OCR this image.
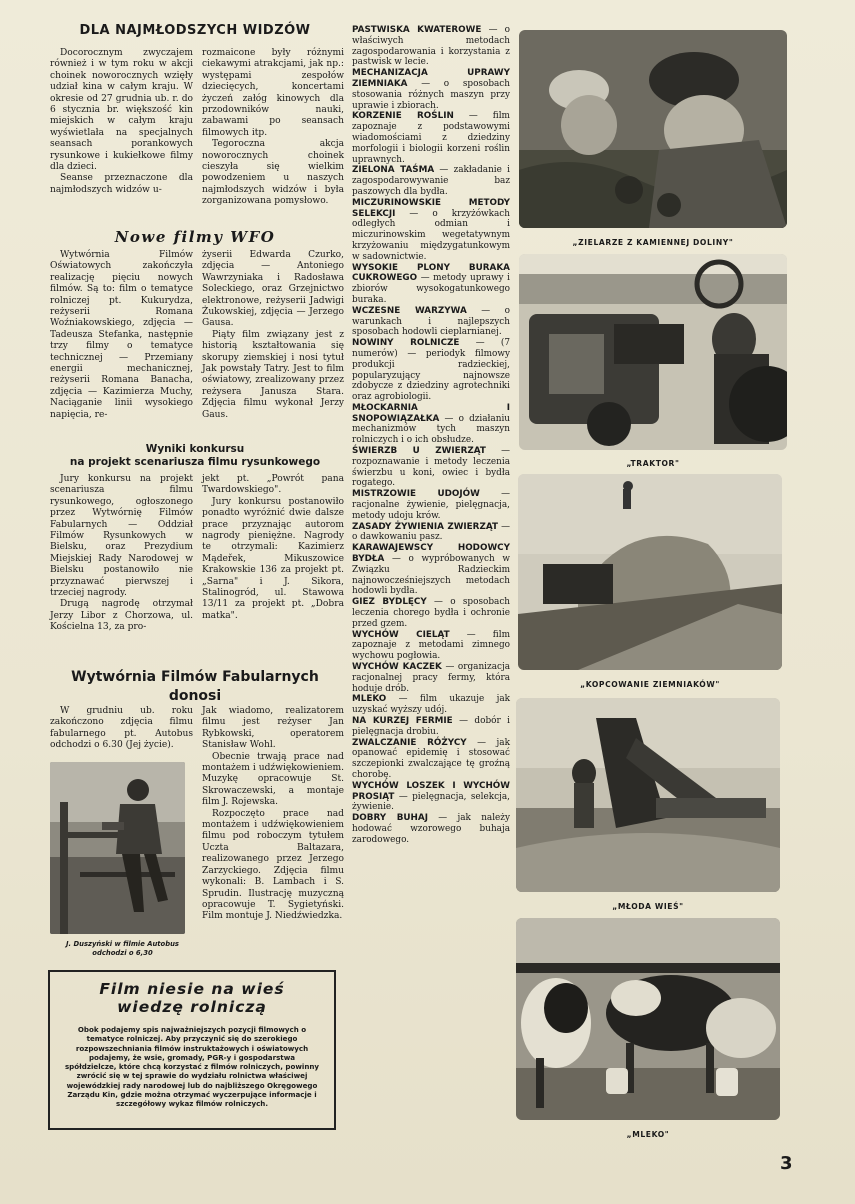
DLA NAJMŁODSZYCH WIDZÓW

Docorocznym zwyczajem również i w tym roku w akcji choinek noworocznych wzięły udział kina w całym kraju. W okresie od 27 grudnia ub. r. do 6 stycznia br. większość kin miejskich w całym kraju wyświetlała na specjalnych seansach porankowych rysunkowe i kukiełkowe filmy dla dzieci.

Seanse przeznaczone dla najmłodszych widzów u-

rozmaicone były różnymi ciekawymi atrakcjami, jak np.: występami zespołów dziecięcych, koncertami życzeń załóg kinowych dla przodowników nauki, zabawami po seansach filmowych itp.

Tegoroczna akcja noworocznych choinek cieszyła się wielkim powodzeniem u naszych najmłodszych widzów i była zorganizowana pomysłowo.

Nowe filmy WFO

Wytwórnia Filmów Oświatowych zakończyła realizację pięciu nowych filmów. Są to: film o tematyce rolniczej pt. Kukurydza, reżyserii Romana Woźniakowskiego, zdjęcia — Tadeusza Stefanka, następnie trzy filmy o tematyce technicznej — Przemiany energii mechanicznej, reżyserii Romana Banacha, zdjęcia — Kazimierza Muchy, Naciąganie linii wysokiego napięcia, re-

żyserii Edwarda Czurko, zdjęcia — Antoniego Wawrzyniaka i Radosława Soleckiego, oraz Grzejnictwo elektronowe, reżyserii Jadwigi Żukowskiej, zdjęcia — Jerzego Gausa.

Piąty film związany jest z historią kształtowania się skorupy ziemskiej i nosi tytuł Jak powstały Tatry. Jest to film oświatowy, zrealizowany przez reżysera Janusza Stara. Zdjęcia filmu wykonał Jerzy Gaus.

Wyniki konkursu
na projekt scenariusza filmu rysunkowego

Jury konkursu na projekt scenariusza filmu rysunkowego, ogłoszonego przez Wytwórnię Filmów Fabularnych — Oddział Filmów Rysunkowych w Bielsku, oraz Prezydium Miejskiej Rady Narodowej w Bielsku postanowiło nie przyznawać pierwszej i trzeciej nagrody.

Drugą nagrodę otrzymał Jerzy Libor z Chorzowa, ul. Kościelna 13, za pro-

jekt pt. „Powrót pana Twardowskiego".

Jury konkursu postanowiło ponadto wyróżnić dwie dalsze prace przyznając autorom nagrody pieniężne. Nagrody te otrzymali: Kazimierz Mądeřek, Mikuszowice Krakowskie 136 za projekt pt. „Sarna" i J. Sikora, Stalinogród, ul. Stawowa 13/11 za projekt pt. „Dobra matka".

Wytwórnia Filmów Fabularnych donosi

W grudniu ub. roku zakończono zdjęcia filmu fabularnego pt. Autobus odchodzi o 6.30 (Jej życie).

J. Duszyński w filmie Autobus odchodzi o 6,30

Jak wiadomo, realizatorem filmu jest reżyser Jan Rybkowski, operatorem Stanisław Wohl.

Obecnie trwają prace nad montażem i udźwiękowieniem. Muzykę opracowuje St. Skrowaczewski, a montaje film J. Rojewska.

Rozpoczęto prace nad montażem i udźwiękowieniem filmu pod roboczym tytułem Uczta Baltazara, realizowanego przez Jerzego Zarzyckiego. Zdjęcia filmu wykonali: B. Lambach i S. Sprudin. Ilustrację muzyczną opracowuje T. Sygietyński. Film montuje J. Niedźwiedzka.

Film niesie na wieś
wiedzę rolniczą
Obok podajemy spis najważniejszych pozycji filmowych o tematyce rolniczej. Aby przyczynić się do szerokiego rozpowszechniania filmów instruktażowych i oświatowych podajemy, że wsie, gromady, PGR-y i gospodarstwa spółdzielcze, które chcą korzystać z filmów rolniczych, powinny zwrócić się w tej sprawie do wydziału rolnictwa właściwej wojewódzkiej rady narodowej lub do najbliższego Okręgowego Zarządu Kin, gdzie można otrzymać wyczerpujące informacje i szczegółowy wykaz filmów rolniczych.

PASTWISKA KWATEROWE — o właściwych metodach zagospodarowania i korzystania z pastwisk w lecie.

MECHANIZACJA UPRAWY ZIEMNIAKA — o sposobach stosowania różnych maszyn przy uprawie i zbiorach.

KORZENIE ROŚLIN — film zapoznaje z podstawowymi wiadomościami z dziedziny morfologii i biologii korzeni roślin uprawnych.

ZIELONA TAŚMA — zakładanie i zagospodarowywanie baz paszowych dla bydła.

MICZURINOWSKIE METODY SELEKCJI — o krzyżówkach odległych odmian i miczurinowskim wegetatywnym krzyżowaniu międzygatunkowym w sadownictwie.

WYSOKIE PLONY BURAKA CUKROWEGO — metody uprawy i zbiorów wysokogatunkowego buraka.

WCZESNE WARZYWA — o warunkach i najlepszych sposobach hodowli cieplarnianej.

NOWINY ROLNICZE — (7 numerów) — periodyk filmowy produkcji radzieckiej, popularyzujący najnowsze zdobycze z dziedziny agrotechniki oraz agrobiologii.

MŁOCKARNIA I SNOPOWIĄZAŁKA — o działaniu mechanizmów tych maszyn rolniczych i o ich obsłudze.

ŚWIERZB U ZWIERZĄT — rozpoznawanie i metody leczenia świerzbu u koni, owiec i bydła rogatego.

MISTRZOWIE UDOJÓW — racjonalne żywienie, pielęgnacja, metody udoju krów.

ZASADY ŻYWIENIA ZWIERZĄT — o dawkowaniu pasz.

KARAWAJEWSCY HODOWCY BYDŁA — o wypróbowanych w Związku Radzieckim najnowocześniejszych metodach hodowli bydła.

GIEZ BYDLĘCY — o sposobach leczenia chorego bydła i ochronie przed gzem.

WYCHÓW CIELĄT — film zapoznaje z metodami zimnego wychowu pogłowia.

WYCHÓW KACZEK — organizacja racjonalnej pracy fermy, która hoduje drób.

MLEKO — film ukazuje jak uzyskać wyższy udój.

NA KURZEJ FERMIE — dobór i pielęgnacja drobiu.

ZWALCZANIE RÓŻYCY — jak opanować epidemię i stosować szczepionki zwalczające tę groźną chorobę.

WYCHÓW LOSZEK I WYCHÓW PROSIĄT — pielęgnacja, selekcja, żywienie.

DOBRY BUHAJ — jak należy hodować wzorowego buhaja zarodowego.

„ZIELARZE Z KAMIENNEJ DOLINY"
„TRAKTOR"
„KOPCOWANIE ZIEMNIAKÓW"
„MŁODA WIEŚ"
„MLEKO"
3
